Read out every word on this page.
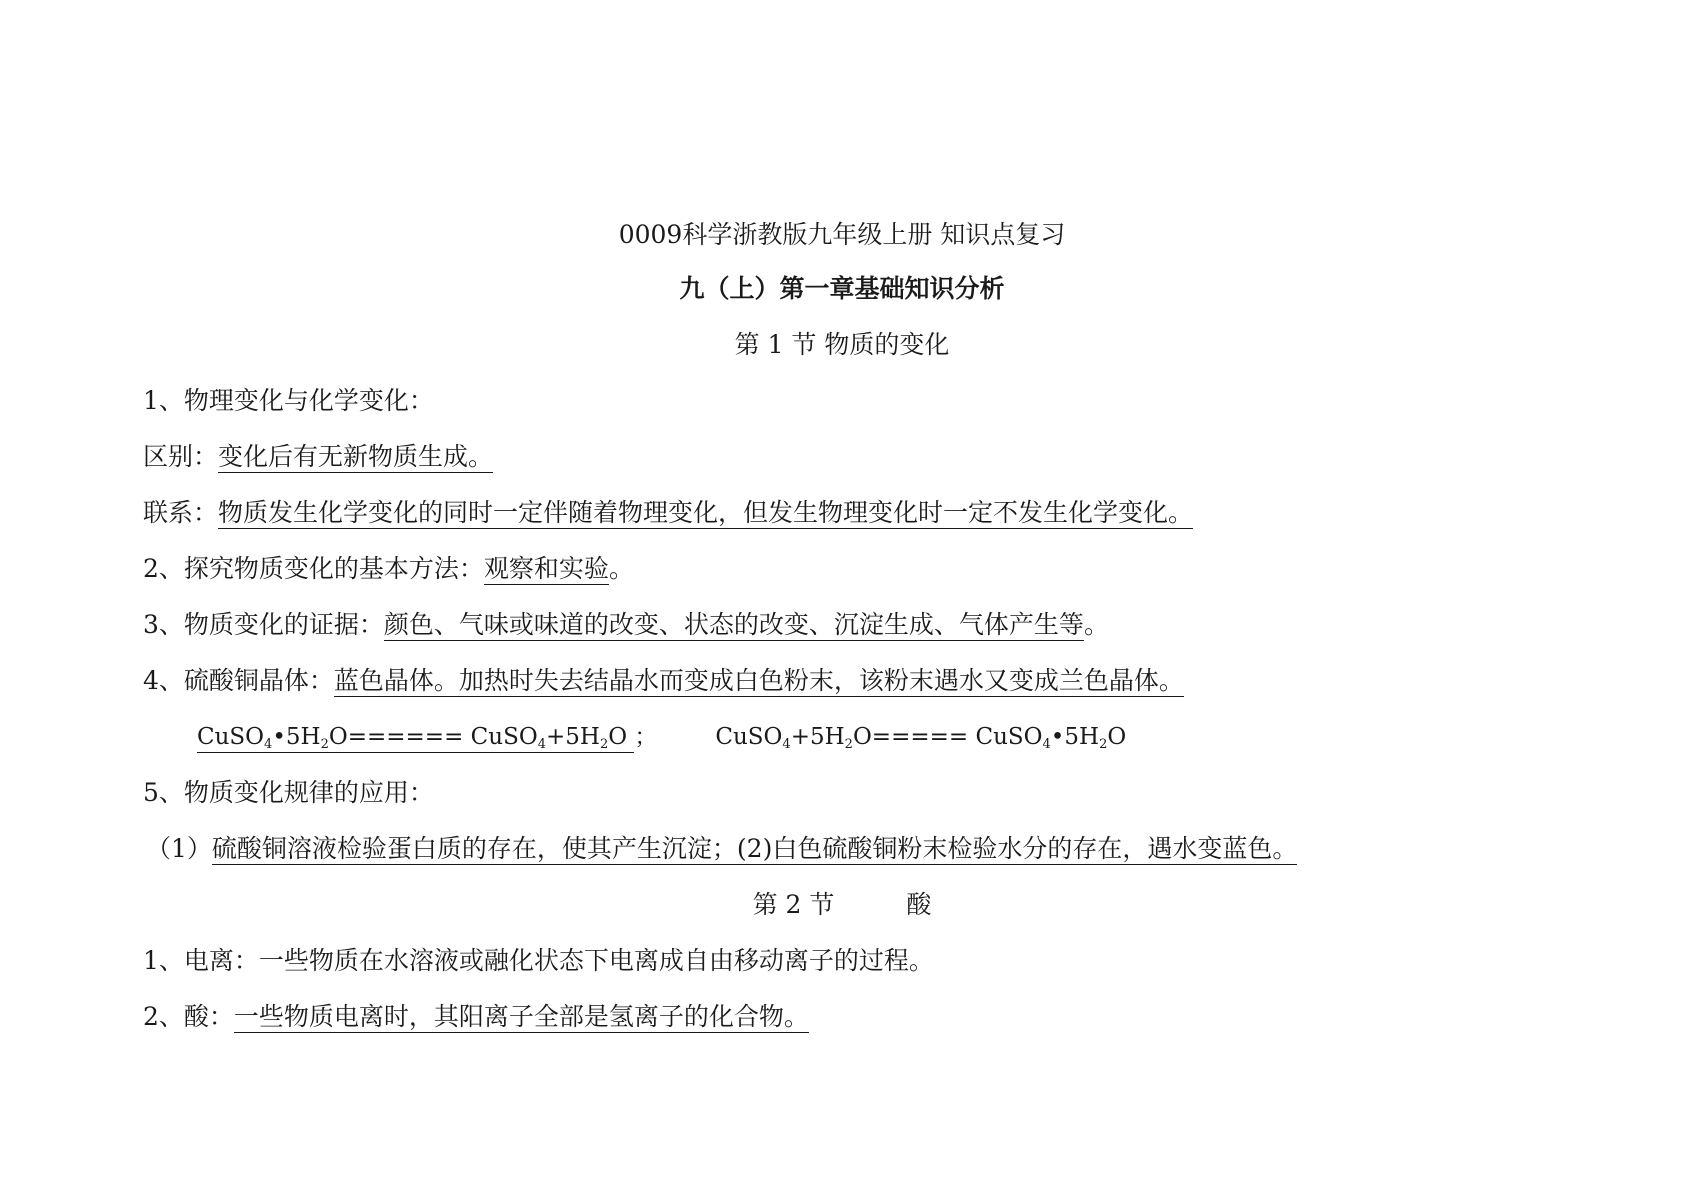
0009科学浙教版九年级上册 知识点复习
九（上）第一章基础知识分析
第 1 节 物质的变化
1、物理变化与化学变化：
区别：变化后有无新物质生成。
联系：物质发生化学变化的同时一定伴随着物理变化，但发生物理变化时一定不发生化学变化。
2、探究物质变化的基本方法：观察和实验。
3、物质变化的证据：颜色、气味或味道的改变、状态的改变、沉淀生成、气体产生等。
4、硫酸铜晶体：蓝色晶体。加热时失去结晶水而变成白色粉末，该粉末遇水又变成兰色晶体。
$CuSO_4•5H_2O======$ $CuSO_4+5H_2O$ ；	$CuSO_4+5H_2O=====$ $CuSO_4•5H_2O$
5、物质变化规律的应用：
（1）硫酸铜溶液检验蛋白质的存在，使其产生沉淀；(2)白色硫酸铜粉末检验水分的存在，遇水变蓝色。
第 2 节	酸
1、电离：一些物质在水溶液或融化状态下电离成自由移动离子的过程。
2、酸：一些物质电离时，其阳离子全部是氢离子的化合物。
